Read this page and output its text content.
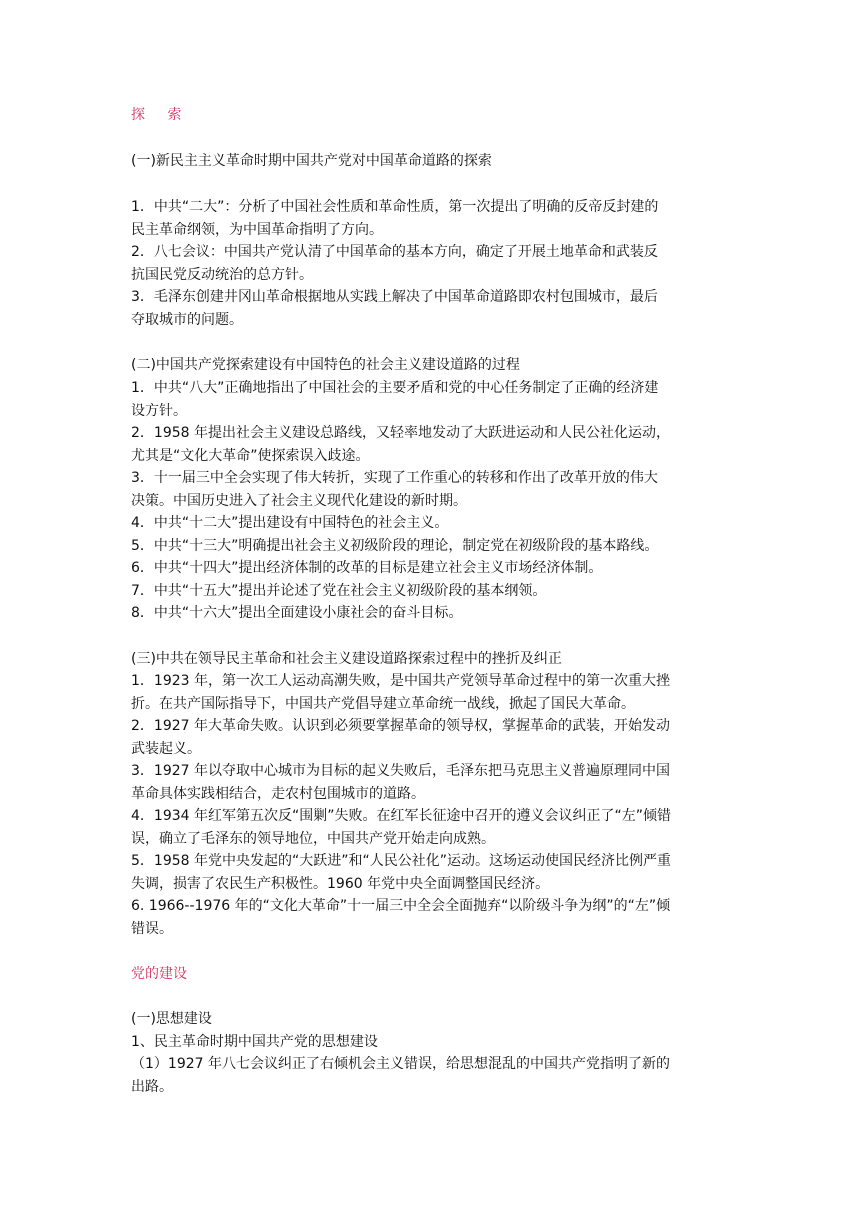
探 索
(一)新民主主义革命时期中国共产党对中国革命道路的探索
1．中共“二大”：分析了中国社会性质和革命性质，第一次提出了明确的反帝反封建的
民主革命纲领，为中国革命指明了方向。
2．八七会议：中国共产党认清了中国革命的基本方向，确定了开展土地革命和武装反
抗国民党反动统治的总方针。
3．毛泽东创建井冈山革命根据地从实践上解决了中国革命道路即农村包围城市，最后
夺取城市的问题。
(二)中国共产党探索建设有中国特色的社会主义建设道路的过程
1．中共“八大”正确地指出了中国社会的主要矛盾和党的中心任务制定了正确的经济建
设方针。
2．1958 年提出社会主义建设总路线，又轻率地发动了大跃进运动和人民公社化运动，
尤其是“文化大革命”使探索误入歧途。
3．十一届三中全会实现了伟大转折，实现了工作重心的转移和作出了改革开放的伟大
决策。中国历史进入了社会主义现代化建设的新时期。
4．中共“十二大”提出建设有中国特色的社会主义。
5．中共“十三大”明确提出社会主义初级阶段的理论，制定党在初级阶段的基本路线。
6．中共“十四大”提出经济体制的改革的目标是建立社会主义市场经济体制。
7．中共“十五大”提出并论述了党在社会主义初级阶段的基本纲领。
8．中共“十六大”提出全面建设小康社会的奋斗目标。
(三)中共在领导民主革命和社会主义建设道路探索过程中的挫折及纠正
1．1923 年，第一次工人运动高潮失败，是中国共产党领导革命过程中的第一次重大挫
折。在共产国际指导下，中国共产党倡导建立革命统一战线，掀起了国民大革命。
2．1927 年大革命失败。认识到必须要掌握革命的领导权，掌握革命的武装，开始发动
武装起义。
3．1927 年以夺取中心城市为目标的起义失败后，毛泽东把马克思主义普遍原理同中国
革命具体实践相结合，走农村包围城市的道路。
4．1934 年红军第五次反“围剿”失败。在红军长征途中召开的遵义会议纠正了“左”倾错
误，确立了毛泽东的领导地位，中国共产党开始走向成熟。
5．1958 年党中央发起的“大跃进”和“人民公社化”运动。这场运动使国民经济比例严重
失调，损害了农民生产积极性。1960 年党中央全面调整国民经济。
6. 1966--1976 年的“文化大革命”十一届三中全会全面抛弃“以阶级斗争为纲”的“左”倾
错误。
党的建设
(一)思想建设
1、民主革命时期中国共产党的思想建设
（1）1927 年八七会议纠正了右倾机会主义错误，给思想混乱的中国共产党指明了新的
出路。
